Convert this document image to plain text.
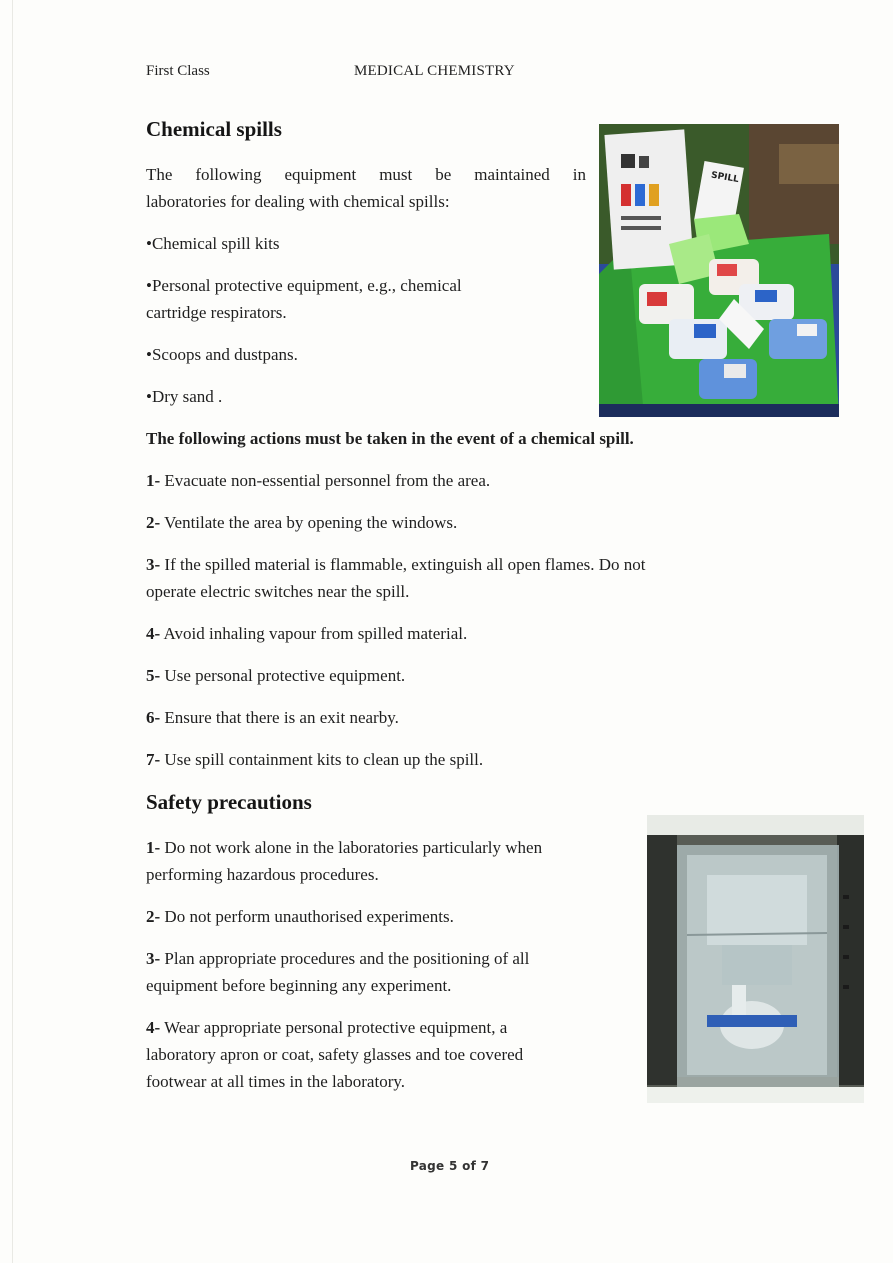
First Class	MEDICAL CHEMISTRY

Chemical spills

The following equipment must be maintained in

laboratories for dealing with chemical spills:

•Chemical spill kits

•Personal protective equipment, e.g., chemical

cartridge respirators.

•Scoops and dustpans.

•Dry sand .

SPILL

The following actions must be taken in the event of a chemical spill.

1- Evacuate non-essential personnel from the area.

2- Ventilate the area by opening the windows.

3- If the spilled material is flammable, extinguish all open flames. Do not

operate electric switches near the spill.

4- Avoid inhaling vapour from spilled material.

5- Use personal protective equipment.

6- Ensure that there is an exit nearby.

7- Use spill containment kits to clean up the spill.

Safety precautions

1- Do not work alone in the laboratories particularly when

performing hazardous procedures.

2- Do not perform unauthorised experiments.

3- Plan appropriate procedures and the positioning of all

equipment before beginning any experiment.

4- Wear appropriate personal protective equipment, a

laboratory apron or coat, safety glasses and toe covered

footwear at all times in the laboratory.

Page 5 of 7
